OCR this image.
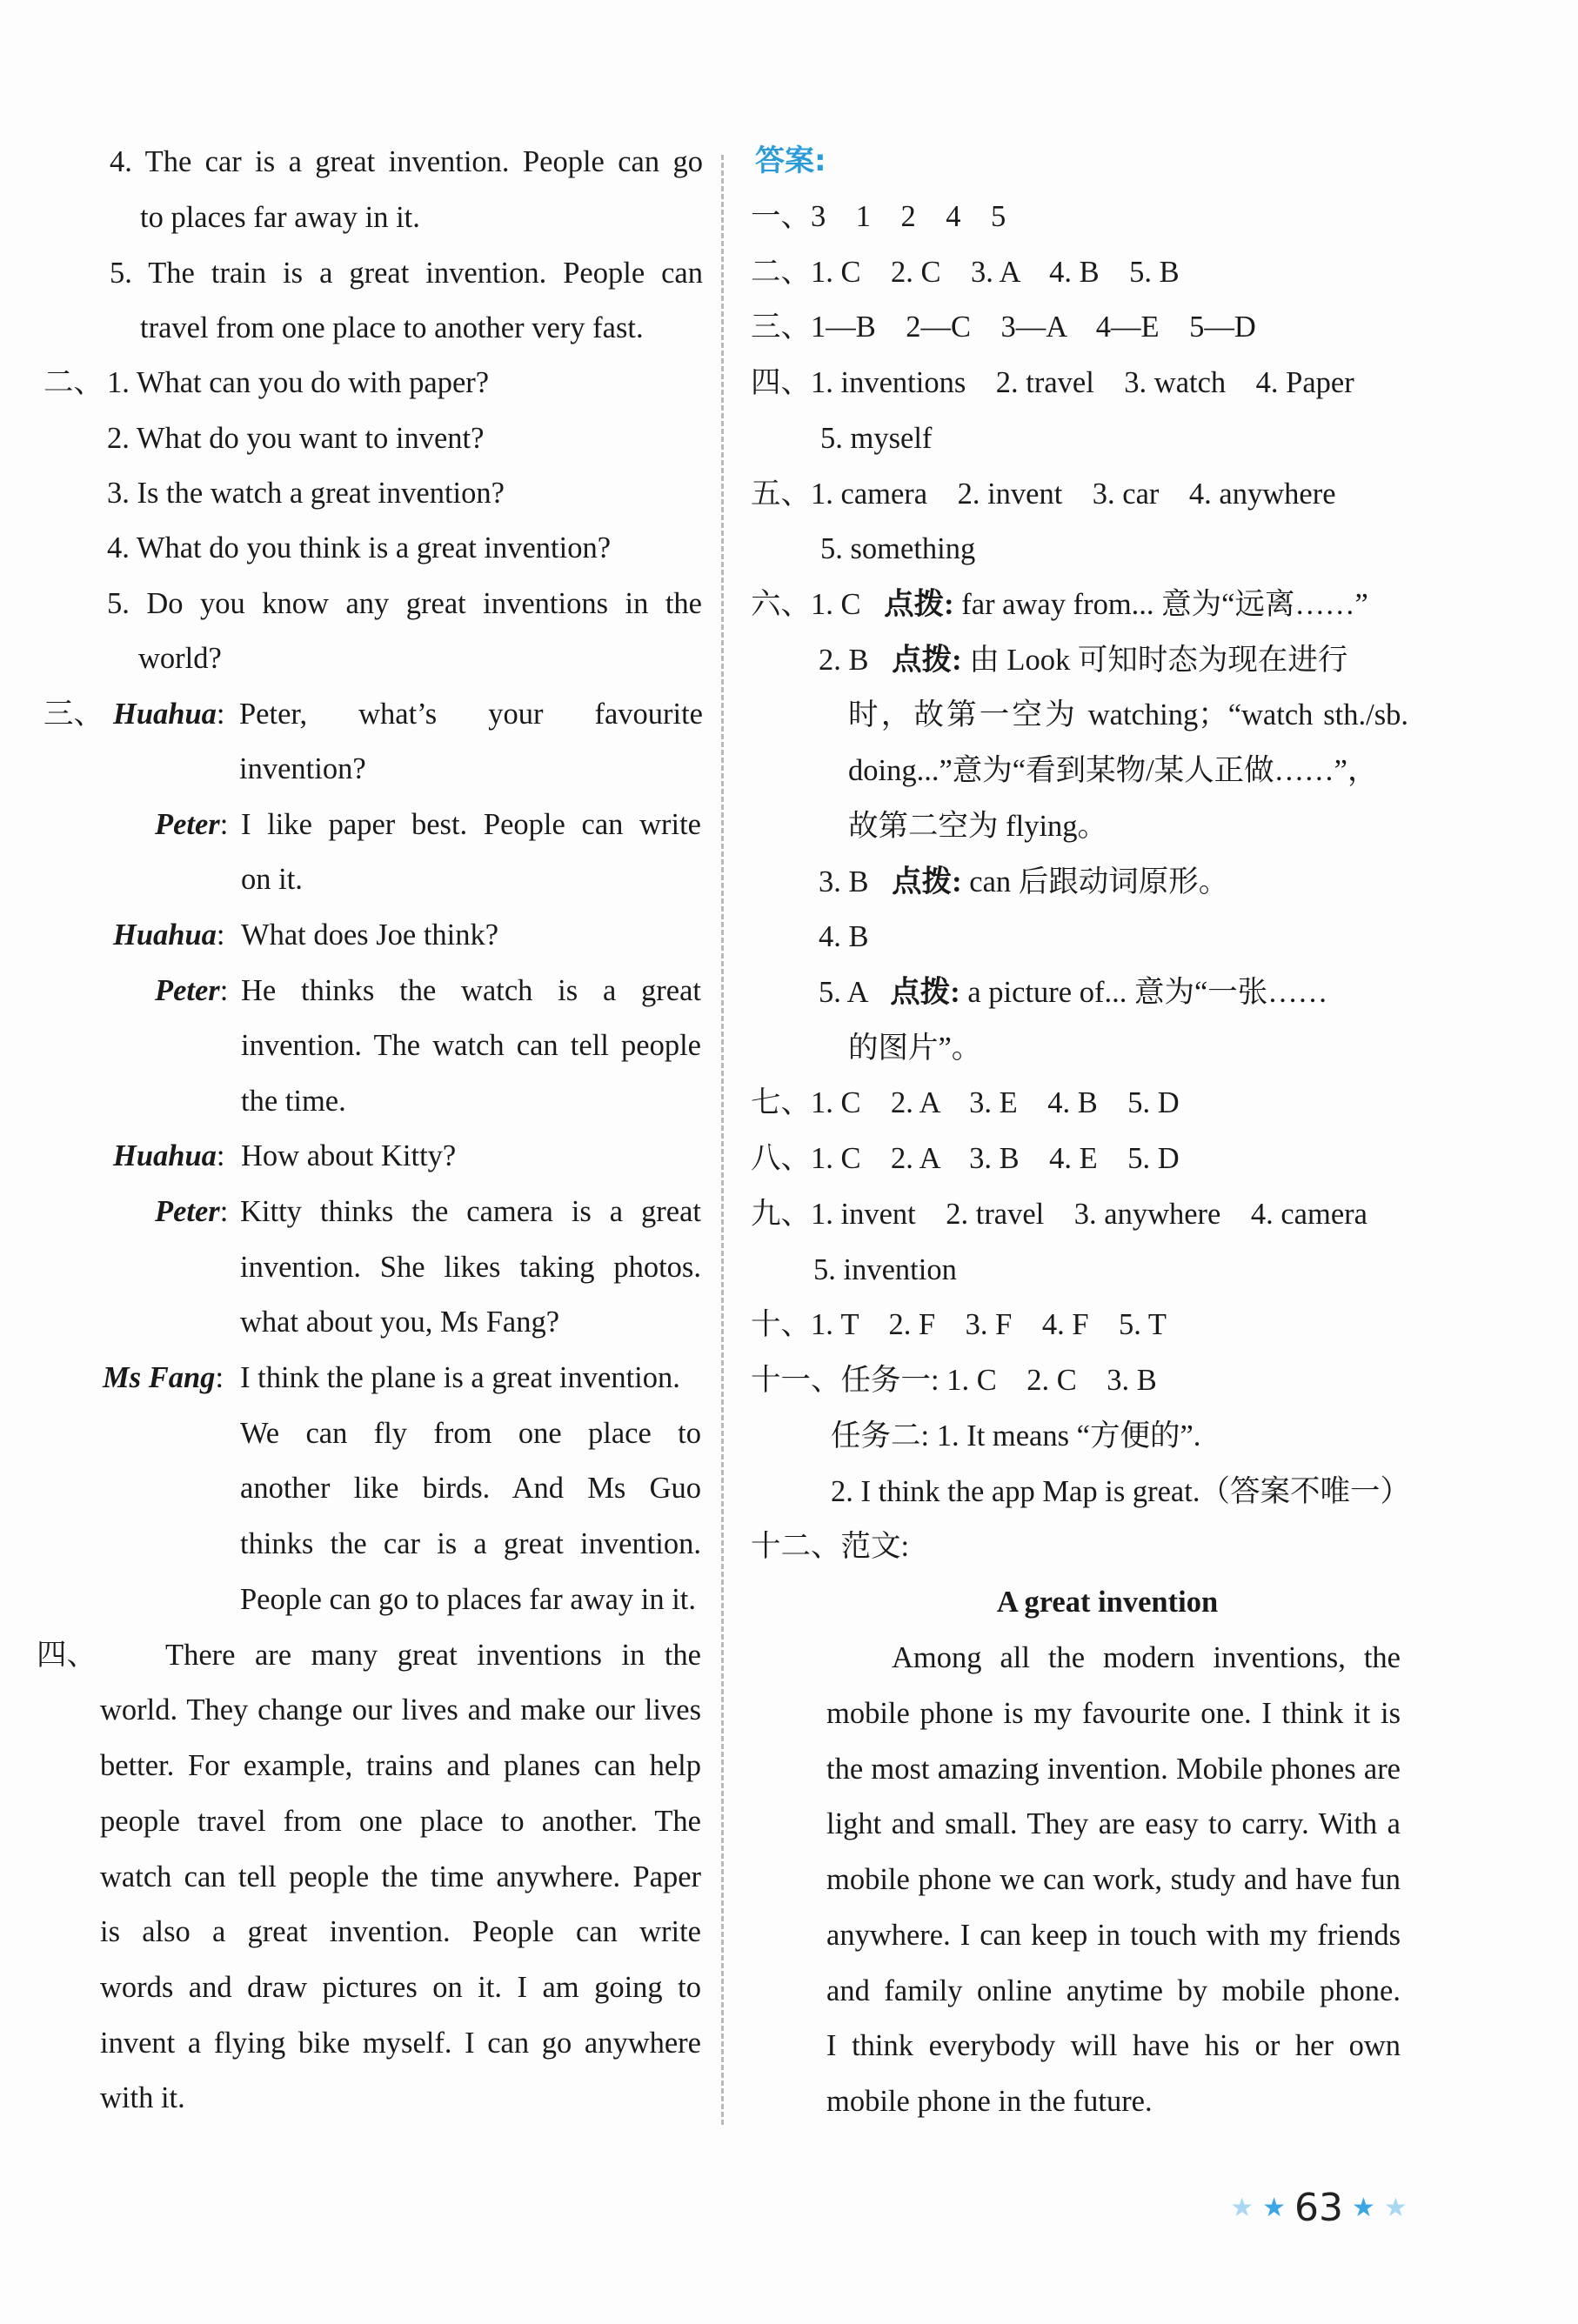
4. The car is a great invention. People can go
to places far away in it.
5. The train is a great invention. People can
travel from one place to another very fast.
二、 1. What can you do with paper?
2. What do you want to invent?
3. Is the watch a great invention?
4. What do you think is a great invention?
5. Do you know any great inventions in the
world?
三、 Huahua: Peter, what’s your favourite
invention?
Peter: I like paper best. People can write
on it.
Huahua: What does Joe think?
Peter: He thinks the watch is a great
invention. The watch can tell people
the time.
Huahua: How about Kitty?
Peter: Kitty thinks the camera is a great
invention. She likes taking photos.
what about you, Ms Fang?
Ms Fang: I think the plane is a great invention.
We can fly from one place to
another like birds. And Ms Guo
thinks the car is a great invention.
People can go to places far away in it.
四、 There are many great inventions in the
world. They change our lives and make our lives
better. For example, trains and planes can help
people travel from one place to another. The
watch can tell people the time anywhere. Paper
is also a great invention. People can write
words and draw pictures on it. I am going to
invent a flying bike myself. I can go anywhere
with it.
答案:
一、3　1　2　4　5
二、1. C　2. C　3. A　4. B　5. B
三、1—B　2—C　3—A　4—E　5—D
四、1. inventions　2. travel　3. watch　4. Paper
5. myself
五、1. camera　2. invent　3. car　4. anywhere
5. something
六、1. C 点拨: far away from... 意为“远离……”
2. B 点拨: 由 Look 可知时态为现在进行
时，故第一空为 watching；“watch sth./sb.
doing...”意为“看到某物/某人正做……”，
故第二空为 flying。
3. B 点拨: can 后跟动词原形。
4. B
5. A 点拨: a picture of... 意为“一张……
的图片”。
七、1. C　2. A　3. E　4. B　5. D
八、1. C　2. A　3. B　4. E　5. D
九、1. invent　2. travel　3. anywhere　4. camera
5. invention
十、1. T　2. F　3. F　4. F　5. T
十一、任务一: 1. C　2. C　3. B
任务二: 1. It means “方便的”.
2. I think the app Map is great.（答案不唯一）
十二、范文:
A great invention
Among all the modern inventions, the
mobile phone is my favourite one. I think it is
the most amazing invention. Mobile phones are
light and small. They are easy to carry. With a
mobile phone we can work, study and have fun
anywhere. I can keep in touch with my friends
and family online anytime by mobile phone.
I think everybody will have his or her own
mobile phone in the future.
★ ★ 63 ★ ★
